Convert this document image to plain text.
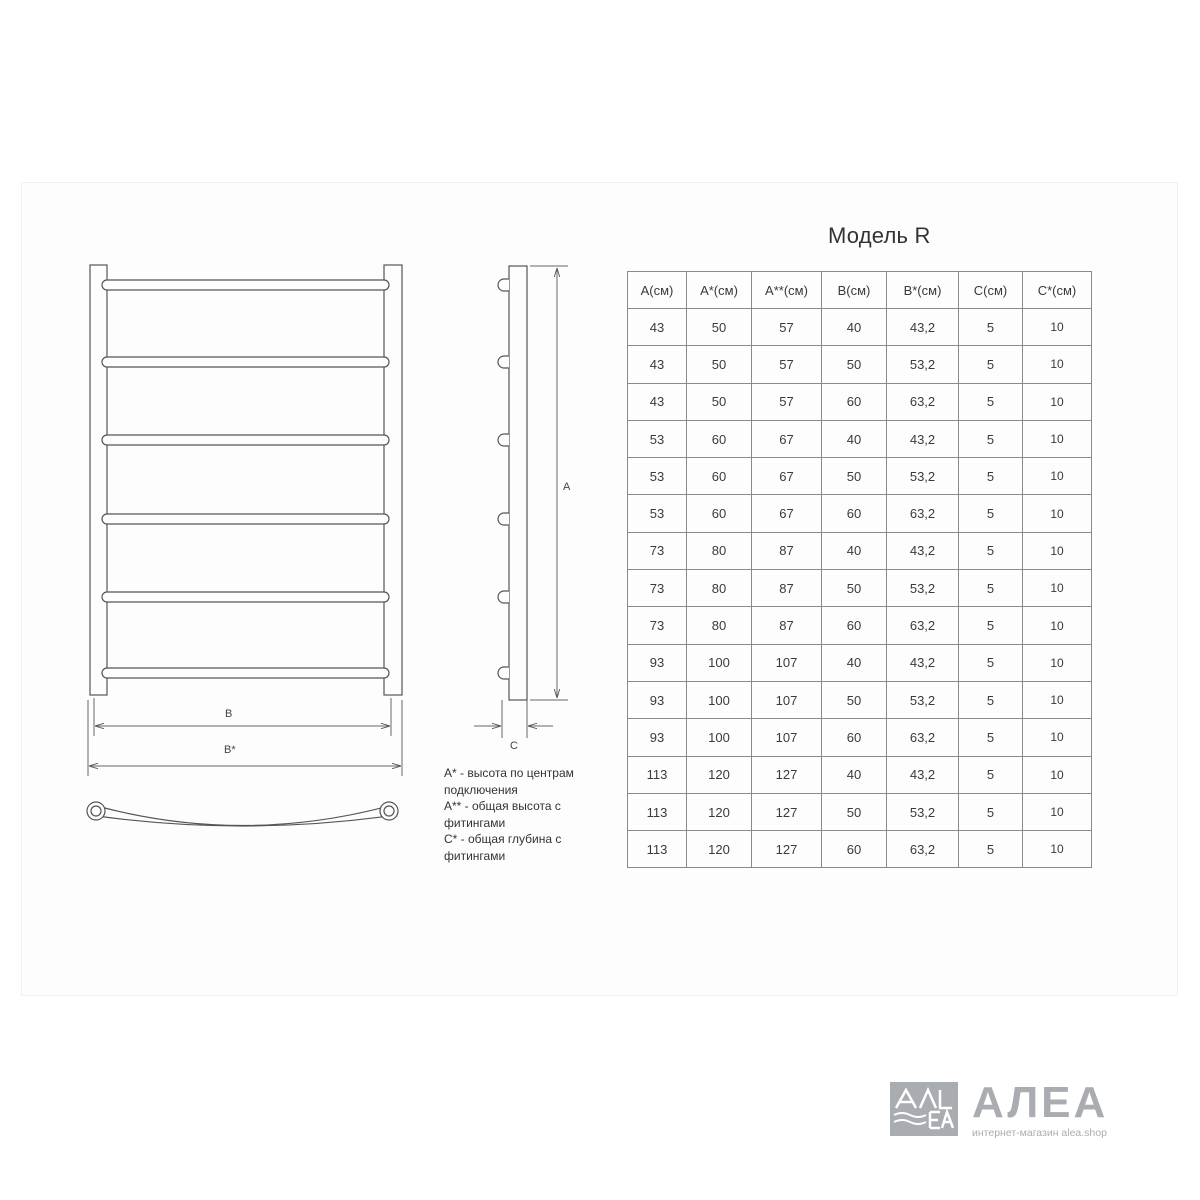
B
B*
A
C
A* - высота по центрам подключения
A** - общая высота с фитингами
C* - общая глубина с фитингами
Модель R
A(см)	A*(см)	A**(см)	B(см)	B*(см)	C(см)	C*(см)
43	50	57	40	43,2	5	10
43	50	57	50	53,2	5	10
43	50	57	60	63,2	5	10
53	60	67	40	43,2	5	10
53	60	67	50	53,2	5	10
53	60	67	60	63,2	5	10
73	80	87	40	43,2	5	10
73	80	87	50	53,2	5	10
73	80	87	60	63,2	5	10
93	100	107	40	43,2	5	10
93	100	107	50	53,2	5	10
93	100	107	60	63,2	5	10
113	120	127	40	43,2	5	10
113	120	127	50	53,2	5	10
113	120	127	60	63,2	5	10
АЛЕА
интернет-магазин alea.shop
